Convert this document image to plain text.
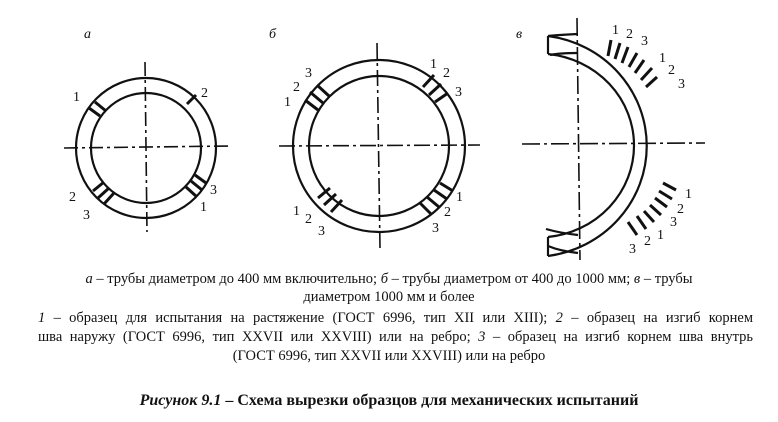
а	б	в
1	2
2
3
3
1
1
2
3
1
2
3
1
2
3
1
2
3
1 2 3
1
2
3
1
2
3
1
2
3
а – трубы диаметром до 400 мм включительно; б – трубы диаметром от 400 до 1000 мм; в – трубы
диаметром 1000 мм и более
1 – образец для испытания на растяжение (ГОСТ 6996, тип XII или XIII); 2 – образец на изгиб корнем
шва наружу (ГОСТ 6996, тип XXVII или XXVIII) или на ребро; 3 – образец на изгиб корнем шва внутрь
(ГОСТ 6996, тип XXVII или XXVIII) или на ребро
Рисунок 9.1 – Схема вырезки образцов для механических испытаний
